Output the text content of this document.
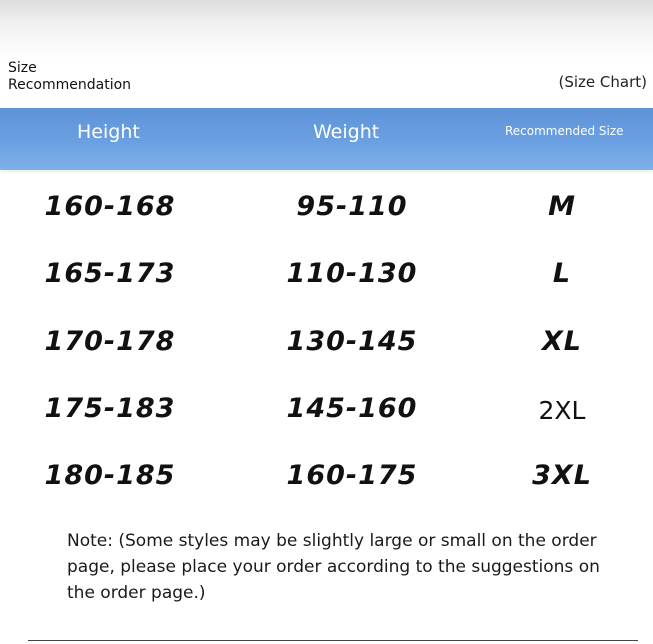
Size
Recommendation	(Size Chart)
Height	Weight	Recommended Size
160-168	95-110	M
165-173	110-130	L
170-178	130-145	XL
175-183	145-160	2XL
180-185	160-175	3XL
Note: (Some styles may be slightly large or small on the order page, please place your order according to the suggestions on the order page.)
